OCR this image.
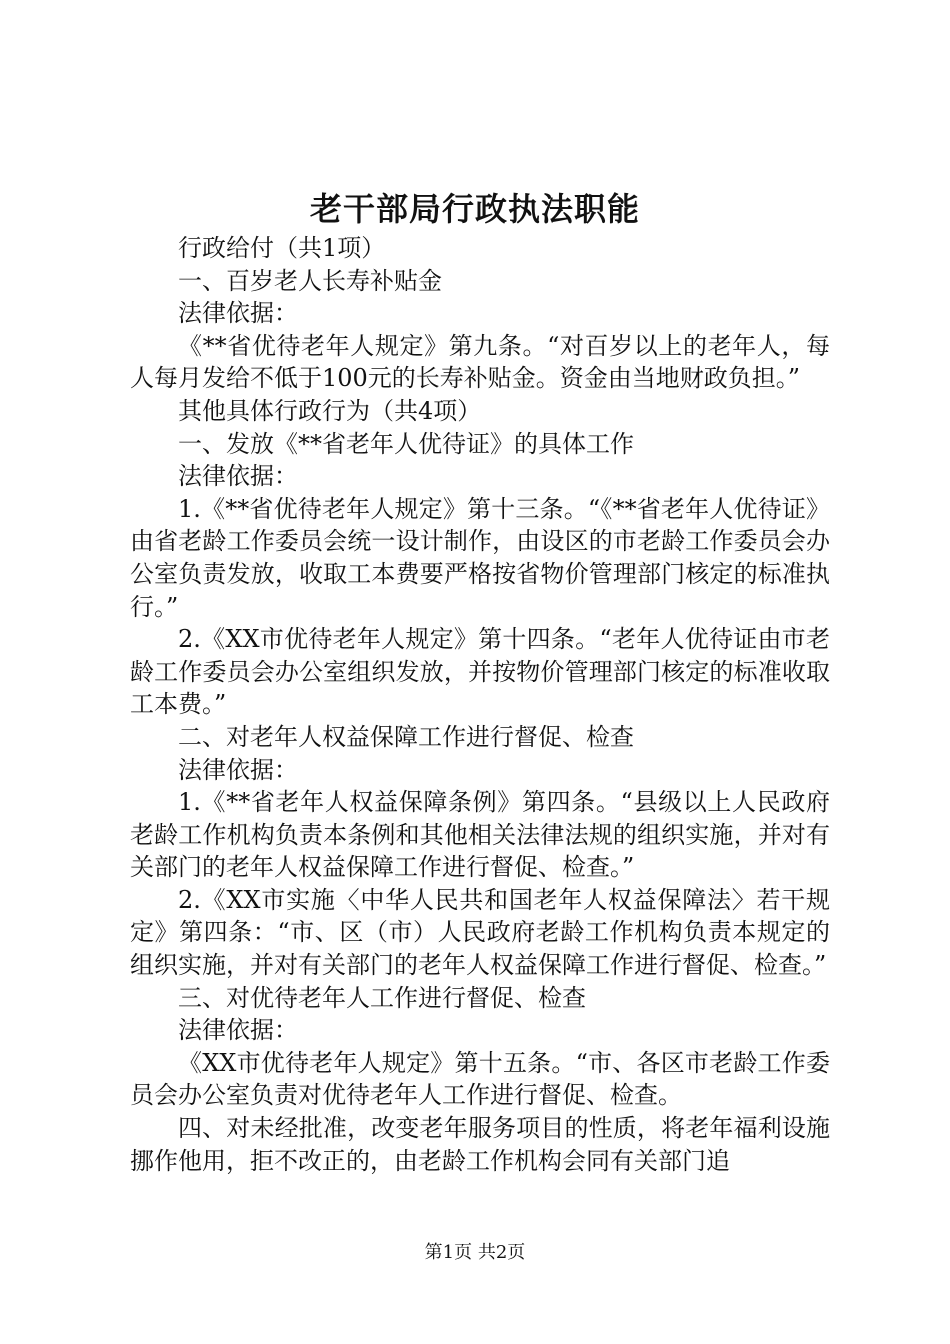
老干部局行政执法职能

行政给付（共1项）

一、百岁老人长寿补贴金

法律依据：

《**省优待老年人规定》第九条。“对百岁以上的老年人，每人每月发给不低于100元的长寿补贴金。资金由当地财政负担。”

其他具体行政行为（共4项）

一、发放《**省老年人优待证》的具体工作

法律依据：

1.《**省优待老年人规定》第十三条。“《**省老年人优待证》由省老龄工作委员会统一设计制作，由设区的市老龄工作委员会办公室负责发放，收取工本费要严格按省物价管理部门核定的标准执行。”

2.《XX市优待老年人规定》第十四条。“老年人优待证由市老龄工作委员会办公室组织发放，并按物价管理部门核定的标准收取工本费。”

二、对老年人权益保障工作进行督促、检查

法律依据：

1.《**省老年人权益保障条例》第四条。“县级以上人民政府老龄工作机构负责本条例和其他相关法律法规的组织实施，并对有关部门的老年人权益保障工作进行督促、检查。”

2.《XX市实施〈中华人民共和国老年人权益保障法〉若干规定》第四条：“市、区（市）人民政府老龄工作机构负责本规定的组织实施，并对有关部门的老年人权益保障工作进行督促、检查。”

三、对优待老年人工作进行督促、检查

法律依据：

《XX市优待老年人规定》第十五条。“市、各区市老龄工作委员会办公室负责对优待老年人工作进行督促、检查。

四、对未经批准，改变老年服务项目的性质，将老年福利设施挪作他用，拒不改正的，由老龄工作机构会同有关部门追

第1页 共2页
